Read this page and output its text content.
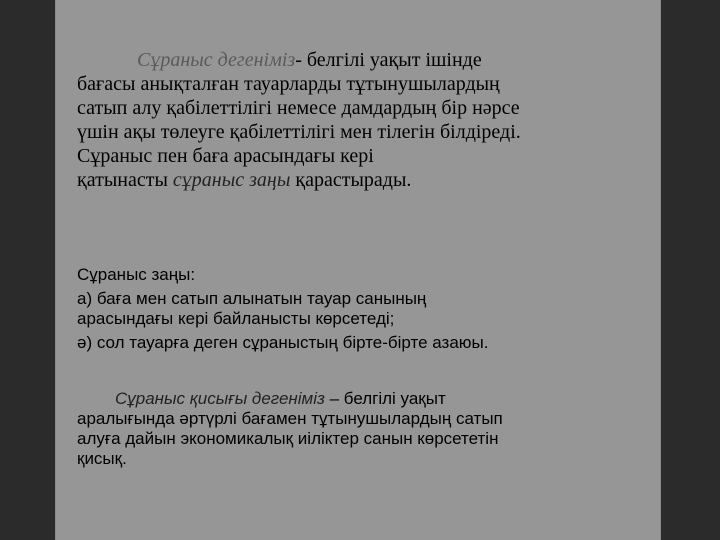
Сұраныс дегеніміз- белгілі уақыт ішінде
бағасы анықталған тауарларды тұтынушылардың
сатып алу қабілеттілігі немесе дамдардың бір нәрсе
үшін ақы төлеуге қабілеттілігі мен тілегін білдіреді.
Сұраныс пен баға арасындағы кері
қатынасты сұраныс заңы қарастырады.
Сұраныс заңы:
а) баға мен сатып алынатын тауар санының
арасындағы кері байланысты көрсетеді;
ә) сол тауарға деген сұраныстың бірте-бірте азаюы.
Сұраныс қисығы дегеніміз – белгілі уақыт
аралығында әртүрлі бағамен тұтынушылардың сатып
алуға дайын экономикалық иіліктер санын көрсететін
қисық.
